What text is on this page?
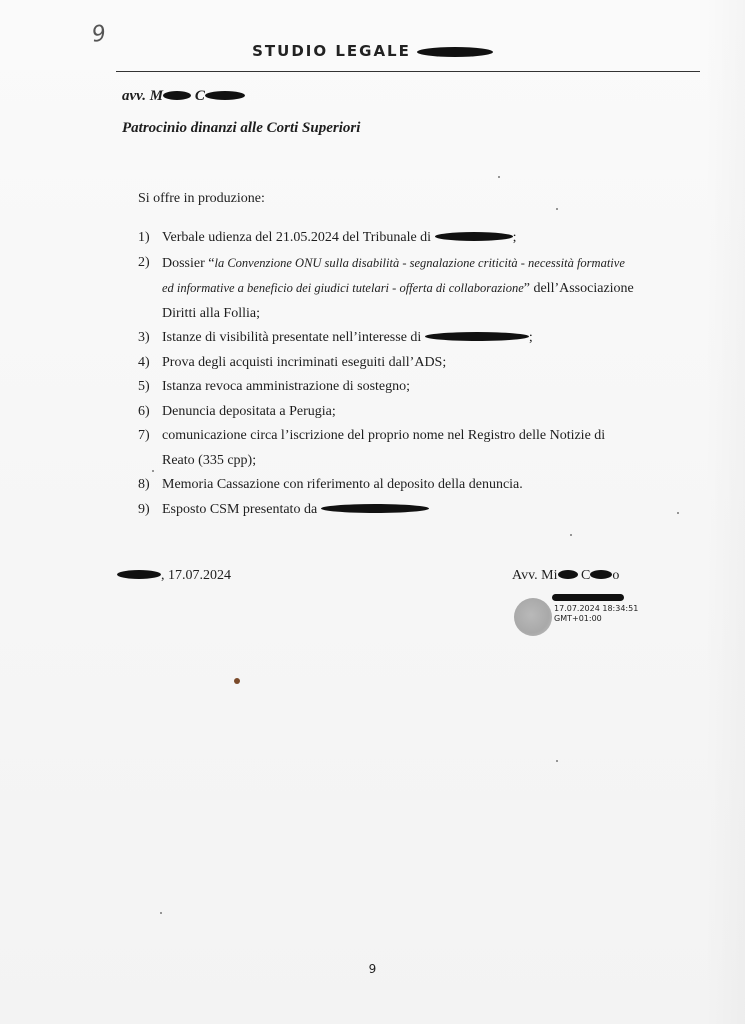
9
STUDIO LEGALE
avv. M C
Patrocinio dinanzi alle Corti Superiori
Si offre in produzione:
1) Verbale udienza del 21.05.2024 del Tribunale di	;
2) Dossier “la Convenzione ONU sulla disabilità - segnalazione criticità - necessità formative ed informative a beneficio dei giudici tutelari - offerta di collaborazione” dell’Associazione Diritti alla Follia;
3) Istanze di visibilità presentate nell’interesse di	;
4) Prova degli acquisti incriminati eseguiti dall’ADS;
5) Istanza revoca amministrazione di sostegno;
6) Denuncia depositata a Perugia;
7) comunicazione circa l’iscrizione del proprio nome nel Registro delle Notizie di Reato (335 cpp);
8) Memoria Cassazione con riferimento al deposito della denuncia.
9) Esposto CSM presentato da
, 17.07.2024	Avv. Mi C o
17.07.2024 18:34:51
GMT+01:00
9
